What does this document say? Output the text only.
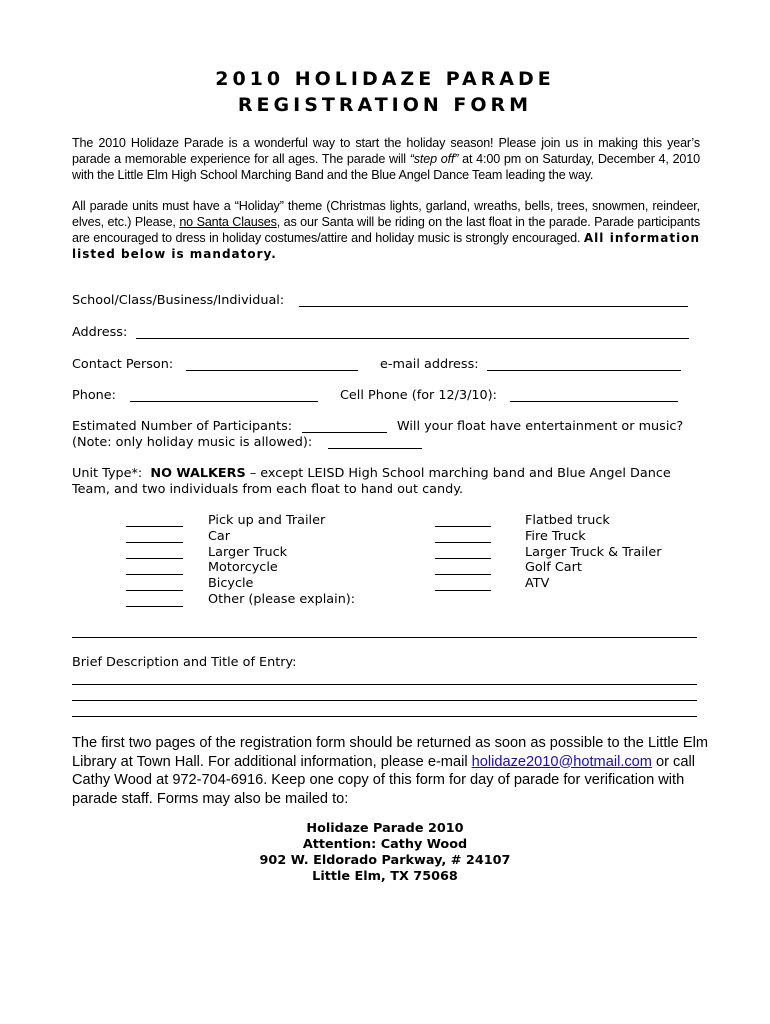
2010 HOLIDAZE PARADE
REGISTRATION FORM
The 2010 Holidaze Parade is a wonderful way to start the holiday season! Please join us in making this year’s parade a memorable experience for all ages. The parade will “step off” at 4:00 pm on Saturday, December 4, 2010 with the Little Elm High School Marching Band and the Blue Angel Dance Team leading the way.
All parade units must have a “Holiday” theme (Christmas lights, garland, wreaths, bells, trees, snowmen, reindeer, elves, etc.) Please, no Santa Clauses, as our Santa will be riding on the last float in the parade. Parade participants are encouraged to dress in holiday costumes/attire and holiday music is strongly encouraged. All information listed below is mandatory.
School/Class/Business/Individual:
Address:
Contact Person:	e-mail address:
Phone:	Cell Phone (for 12/3/10):
Estimated Number of Participants:	Will your float have entertainment or music?
(Note: only holiday music is allowed):
Unit Type*: NO WALKERS – except LEISD High School marching band and Blue Angel Dance
Team, and two individuals from each float to hand out candy.
Pick up and Trailer
Car
Larger Truck
Motorcycle
Bicycle
Other (please explain):
Flatbed truck
Fire Truck
Larger Truck & Trailer
Golf Cart
ATV
Brief Description and Title of Entry:
The first two pages of the registration form should be returned as soon as possible to the Little Elm Library at Town Hall. For additional information, please e-mail holidaze2010@hotmail.com or call Cathy Wood at 972-704-6916. Keep one copy of this form for day of parade for verification with parade staff. Forms may also be mailed to:
Holidaze Parade 2010
Attention: Cathy Wood
902 W. Eldorado Parkway, # 24107
Little Elm, TX 75068
